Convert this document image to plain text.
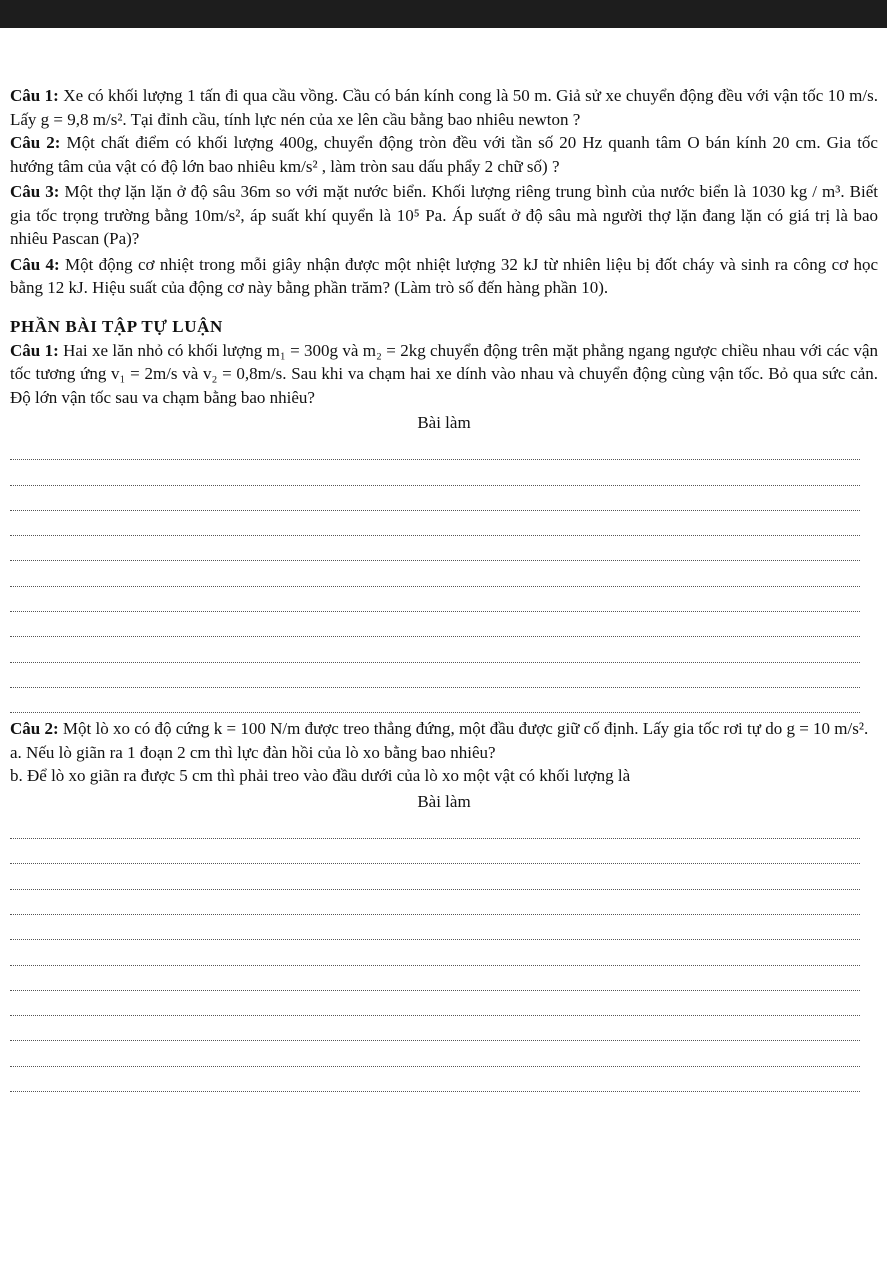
Câu 1: Xe có khối lượng 1 tấn đi qua cầu vồng. Cầu có bán kính cong là 50 m. Giả sử xe chuyển động đều với vận tốc 10 m/s. Lấy g = 9,8 m/s². Tại đỉnh cầu, tính lực nén của xe lên cầu bằng bao nhiêu newton ?

Câu 2: Một chất điểm có khối lượng 400g, chuyển động tròn đều với tần số 20 Hz quanh tâm O bán kính 20 cm. Gia tốc hướng tâm của vật có độ lớn bao nhiêu km/s² , làm tròn sau dấu phẩy 2 chữ số) ?

Câu 3: Một thợ lặn lặn ở độ sâu 36m so với mặt nước biển. Khối lượng riêng trung bình của nước biển là 1030 kg / m³. Biết gia tốc trọng trường bằng 10m/s², áp suất khí quyển là 10⁵ Pa. Áp suất ở độ sâu mà người thợ lặn đang lặn có giá trị là bao nhiêu Pascan (Pa)?

Câu 4: Một động cơ nhiệt trong mỗi giây nhận được một nhiệt lượng 32 kJ từ nhiên liệu bị đốt cháy và sinh ra công cơ học bằng 12 kJ. Hiệu suất của động cơ này bằng phần trăm? (Làm trò số đến hàng phần 10).

PHẦN BÀI TẬP TỰ LUẬN

Câu 1: Hai xe lăn nhỏ có khối lượng m₁ = 300g và m₂ = 2kg chuyển động trên mặt phẳng ngang ngược chiều nhau với các vận tốc tương ứng v₁ = 2m/s và v₂ = 0,8m/s. Sau khi va chạm hai xe dính vào nhau và chuyển động cùng vận tốc. Bỏ qua sức cản. Độ lớn vận tốc sau va chạm bằng bao nhiêu?

Bài làm

Câu 2: Một lò xo có độ cứng k = 100 N/m được treo thẳng đứng, một đầu được giữ cố định. Lấy gia tốc rơi tự do g = 10 m/s².

a. Nếu lò giãn ra 1 đoạn 2 cm thì lực đàn hồi của lò xo bằng bao nhiêu?

b. Để lò xo giãn ra được 5 cm thì phải treo vào đầu dưới của lò xo một vật có khối lượng là

Bài làm
